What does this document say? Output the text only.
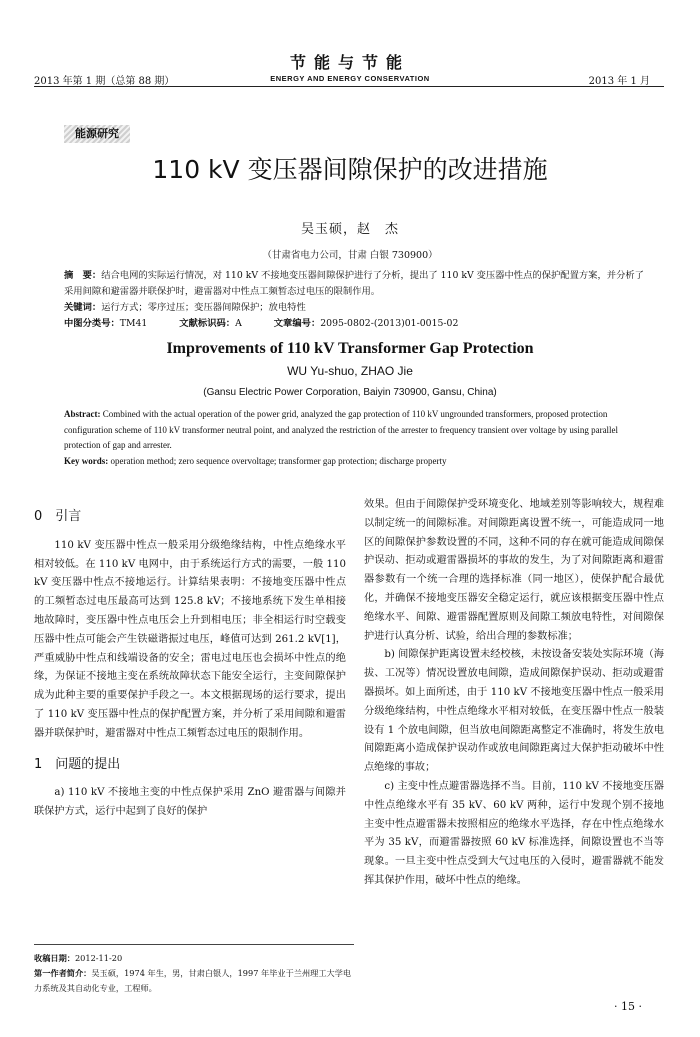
2013 年第 1 期（总第 88 期）
节能与节能
ENERGY AND ENERGY CONSERVATION	2013 年 1 月
能源研究
110 kV 变压器间隙保护的改进措施
吴玉硕，赵　杰
（甘肃省电力公司，甘肃 白银 730900）
摘　要：结合电网的实际运行情况，对 110 kV 不接地变压器间隙保护进行了分析，提出了 110 kV 变压器中性点的保护配置方案，并分析了采用间隙和避雷器并联保护时，避雷器对中性点工频暂态过电压的限制作用。
关键词：运行方式；零序过压；变压器间隙保护；放电特性
中图分类号：TM41	文献标识码：A	文章编号：2095-0802-(2013)01-0015-02
Improvements of 110 kV Transformer Gap Protection
WU Yu-shuo, ZHAO Jie
(Gansu Electric Power Corporation, Baiyin 730900, Gansu, China)
Abstract: Combined with the actual operation of the power grid, analyzed the gap protection of 110 kV ungrounded transformers, proposed protection configuration scheme of 110 kV transformer neutral point, and analyzed the restriction of the arrester to frequency transient over voltage by using parallel protection of gap and arrester.
Key words: operation method; zero sequence overvoltage; transformer gap protection; discharge property
0　引言

110 kV 变压器中性点一般采用分级绝缘结构，中性点绝缘水平相对较低。在 110 kV 电网中，由于系统运行方式的需要，一般 110 kV 变压器中性点不接地运行。计算结果表明：不接地变压器中性点的工频暂态过电压最高可达到 125.8 kV；不接地系统下发生单相接地故障时，变压器中性点电压会上升到相电压；非全相运行时空载变压器中性点可能会产生铁磁谐振过电压，峰值可达到 261.2 kV[1]，严重威胁中性点和线端设备的安全；雷电过电压也会损坏中性点的绝缘，为保证不接地主变在系统故障状态下能安全运行，主变间隙保护成为此种主要的重要保护手段之一。本文根据现场的运行要求，提出了 110 kV 变压器中性点的保护配置方案，并分析了采用间隙和避雷器并联保护时，避雷器对中性点工频暂态过电压的限制作用。

1　问题的提出

a) 110 kV 不接地主变的中性点保护采用 ZnO 避雷器与间隙并联保护方式，运行中起到了良好的保护

效果。但由于间隙保护受环境变化、地域差别等影响较大，规程难以制定统一的间隙标准。对间隙距离设置不统一，可能造成同一地区的间隙保护参数设置的不同，这种不同的存在就可能造成间隙保护误动、拒动或避雷器损坏的事故的发生，为了对间隙距离和避雷器参数有一个统一合理的选择标准（同一地区），使保护配合最优化，并确保不接地变压器安全稳定运行，就应该根据变压器中性点绝缘水平、间隙、避雷器配置原则及间隙工频放电特性，对间隙保护进行认真分析、试验，给出合理的参数标准；

b) 间隙保护距离设置未经校核，未按设备安装处实际环境（海拔、工况等）情况设置放电间隙，造成间隙保护误动、拒动或避雷器损坏。如上面所述，由于 110 kV 不接地变压器中性点一般采用分级绝缘结构，中性点绝缘水平相对较低，在变压器中性点一般装设有 1 个放电间隙，但当放电间隙距离整定不准确时，将发生放电间隙距离小造成保护误动作或放电间隙距离过大保护拒动破坏中性点绝缘的事故；

c) 主变中性点避雷器选择不当。目前，110 kV 不接地变压器中性点绝缘水平有 35 kV、60 kV 两种，运行中发现个别不接地主变中性点避雷器未按照相应的绝缘水平选择，存在中性点绝缘水平为 35 kV，而避雷器按照 60 kV 标准选择，间隙设置也不当等现象。一旦主变中性点受到大气过电压的入侵时，避雷器就不能发挥其保护作用，破坏中性点的绝缘。

收稿日期：2012-11-20
第一作者简介：吴玉硕，1974 年生，男，甘肃白银人，1997 年毕业于兰州理工大学电力系统及其自动化专业，工程师。
· 15 ·
